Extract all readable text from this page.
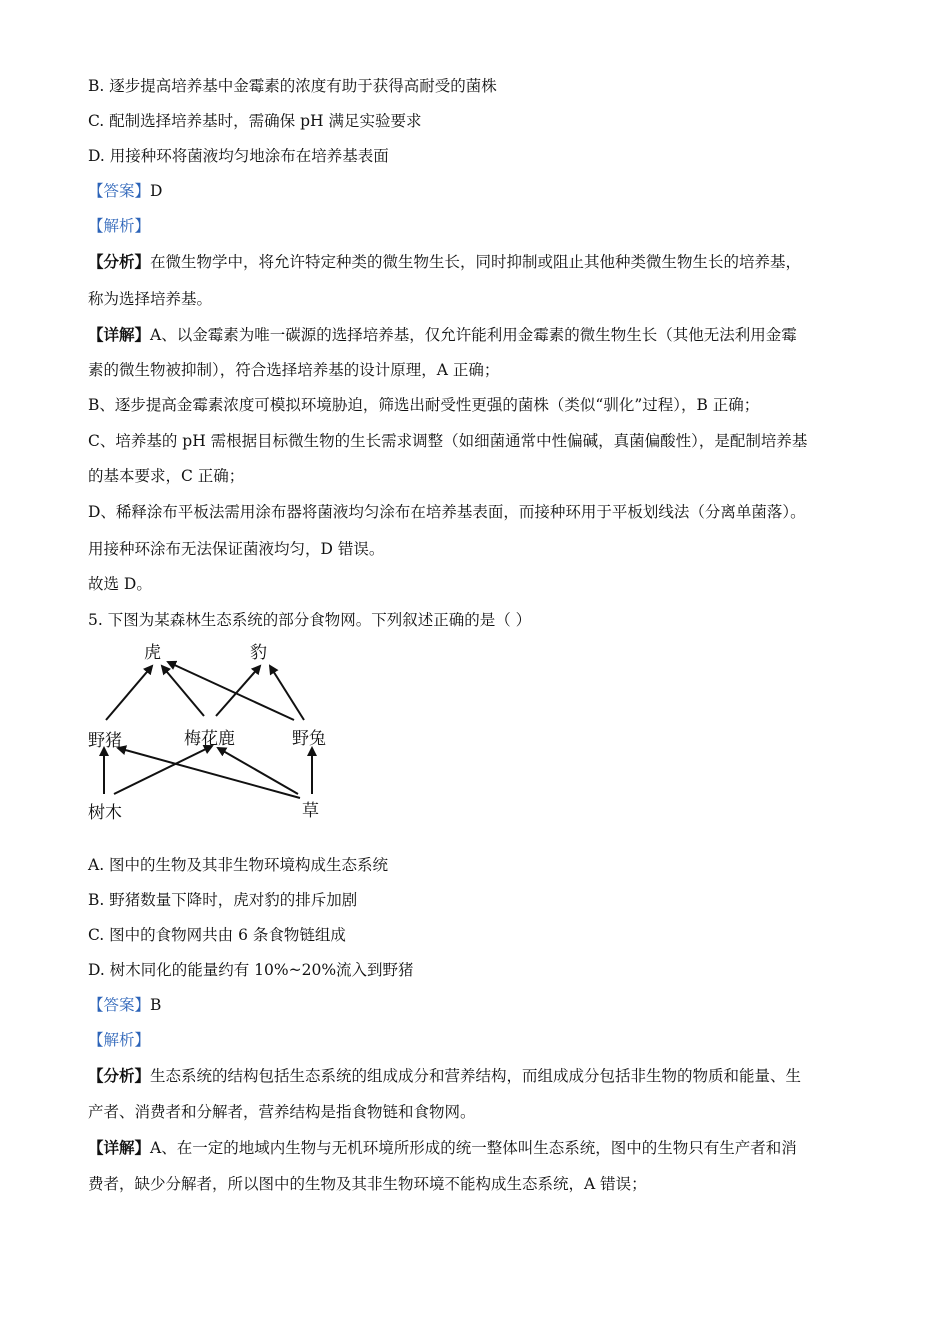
B. 逐步提高培养基中金霉素的浓度有助于获得高耐受的菌株
C. 配制选择培养基时，需确保 pH 满足实验要求
D. 用接种环将菌液均匀地涂布在培养基表面
【答案】D
【解析】
【分析】在微生物学中，将允许特定种类的微生物生长，同时抑制或阻止其他种类微生物生长的培养基，
称为选择培养基。
【详解】A、以金霉素为唯一碳源的选择培养基，仅允许能利用金霉素的微生物生长（其他无法利用金霉
素的微生物被抑制），符合选择培养基的设计原理，A 正确；
B、逐步提高金霉素浓度可模拟环境胁迫，筛选出耐受性更强的菌株（类似“驯化”过程），B 正确；
C、培养基的 pH 需根据目标微生物的生长需求调整（如细菌通常中性偏碱，真菌偏酸性），是配制培养基
的基本要求，C 正确；
D、稀释涂布平板法需用涂布器将菌液均匀涂布在培养基表面，而接种环用于平板划线法（分离单菌落）。
用接种环涂布无法保证菌液均匀，D 错误。
故选 D。
5. 下图为某森林生态系统的部分食物网。下列叙述正确的是（ ）
虎	豹
野猪	梅花鹿	野兔
树木	草
A. 图中的生物及其非生物环境构成生态系统
B. 野猪数量下降时，虎对豹的排斥加剧
C. 图中的食物网共由 6 条食物链组成
D. 树木同化的能量约有 10%~20%流入到野猪
【答案】B
【解析】
【分析】生态系统的结构包括生态系统的组成成分和营养结构，而组成成分包括非生物的物质和能量、生
产者、消费者和分解者，营养结构是指食物链和食物网。
【详解】A、在一定的地域内生物与无机环境所形成的统一整体叫生态系统，图中的生物只有生产者和消
费者，缺少分解者，所以图中的生物及其非生物环境不能构成生态系统，A 错误；
